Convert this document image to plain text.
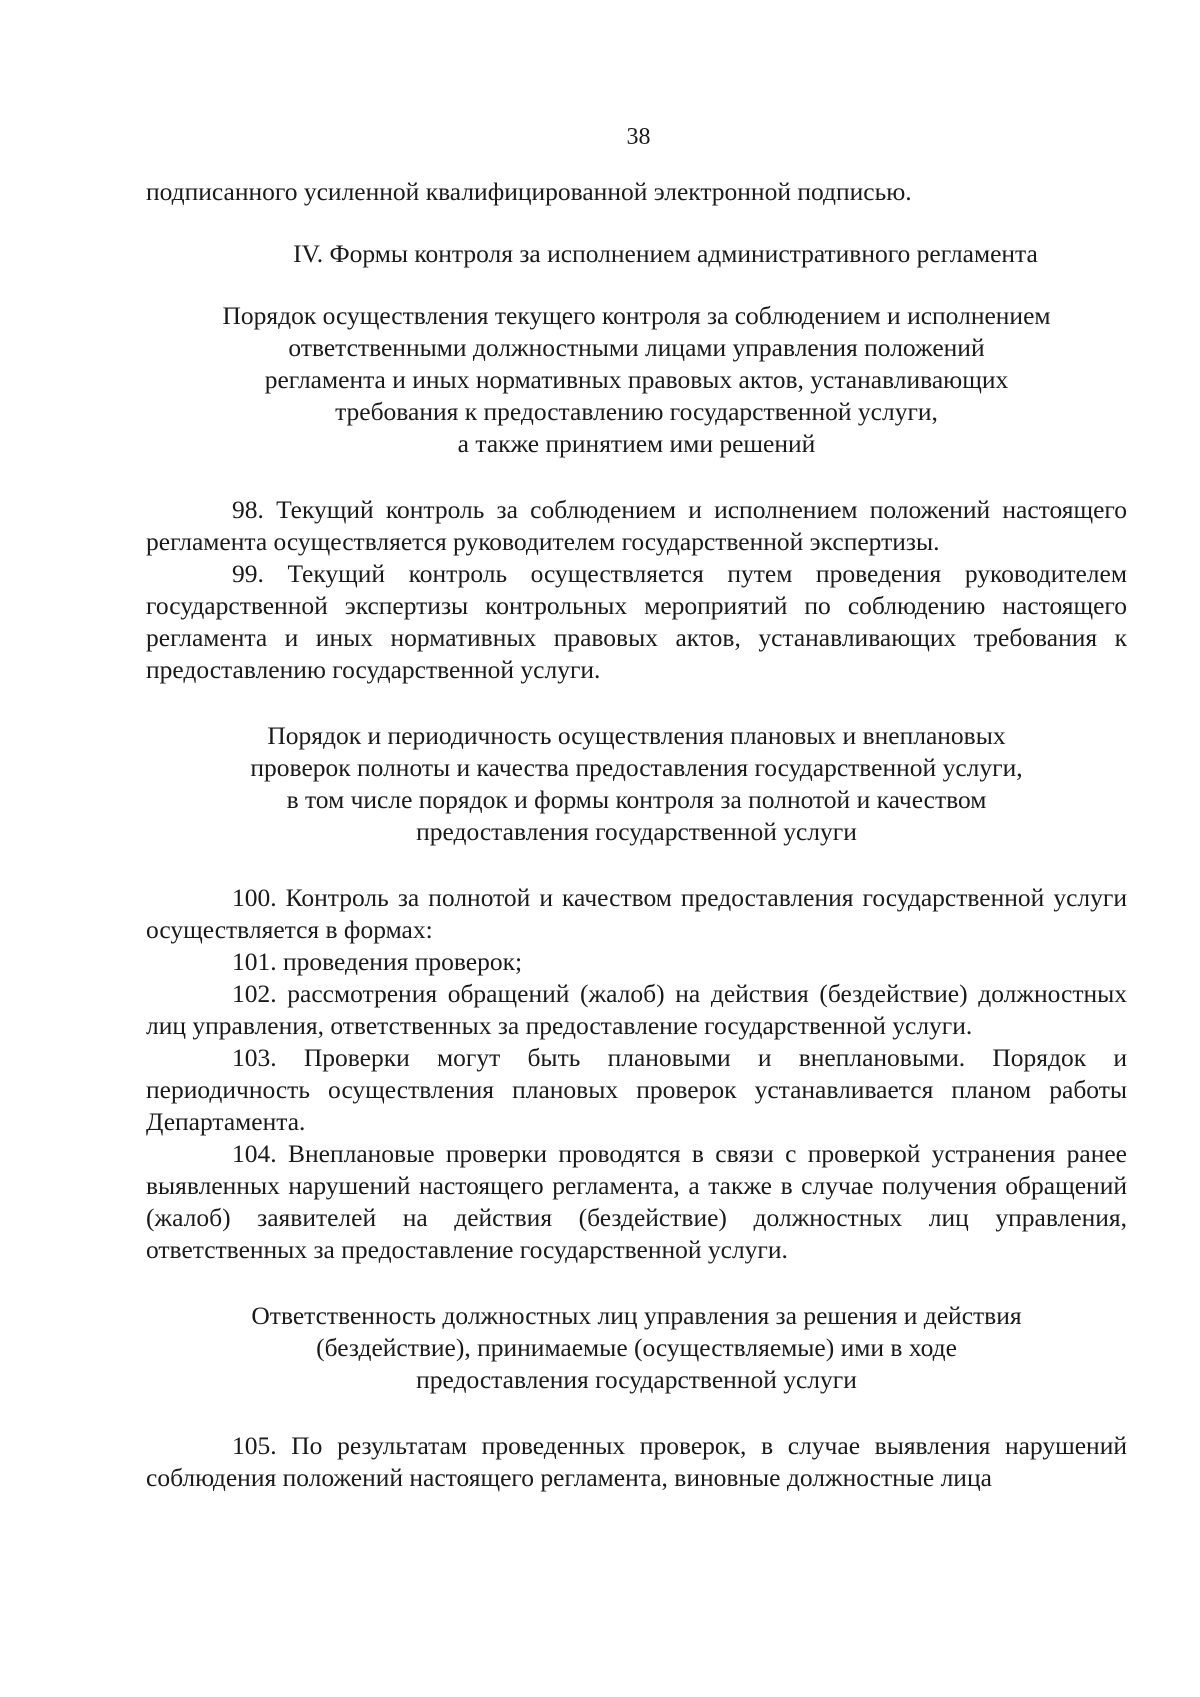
38

подписанного усиленной квалифицированной электронной подписью.

IV. Формы контроля за исполнением административного регламента

Порядок осуществления текущего контроля за соблюдением и исполнением
ответственными должностными лицами управления положений
регламента и иных нормативных правовых актов, устанавливающих
требования к предоставлению государственной услуги,
а также принятием ими решений

98. Текущий контроль за соблюдением и исполнением положений настоящего регламента осуществляется руководителем государственной экспертизы.

99. Текущий контроль осуществляется путем проведения руководителем государственной экспертизы контрольных мероприятий по соблюдению настоящего регламента и иных нормативных правовых актов, устанавливающих требования к предоставлению государственной услуги.

Порядок и периодичность осуществления плановых и внеплановых
проверок полноты и качества предоставления государственной услуги,
в том числе порядок и формы контроля за полнотой и качеством
предоставления государственной услуги

100. Контроль за полнотой и качеством предоставления государственной услуги осуществляется в формах:

101. проведения проверок;

102. рассмотрения обращений (жалоб) на действия (бездействие) должностных лиц управления, ответственных за предоставление государственной услуги.

103. Проверки могут быть плановыми и внеплановыми. Порядок и периодичность осуществления плановых проверок устанавливается планом работы Департамента.

104. Внеплановые проверки проводятся в связи с проверкой устранения ранее выявленных нарушений настоящего регламента, а также в случае получения обращений (жалоб) заявителей на действия (бездействие) должностных лиц управления, ответственных за предоставление государственной услуги.

Ответственность должностных лиц управления за решения и действия
(бездействие), принимаемые (осуществляемые) ими в ходе
предоставления государственной услуги

105. По результатам проведенных проверок, в случае выявления нарушений соблюдения положений настоящего регламента, виновные должностные лица
